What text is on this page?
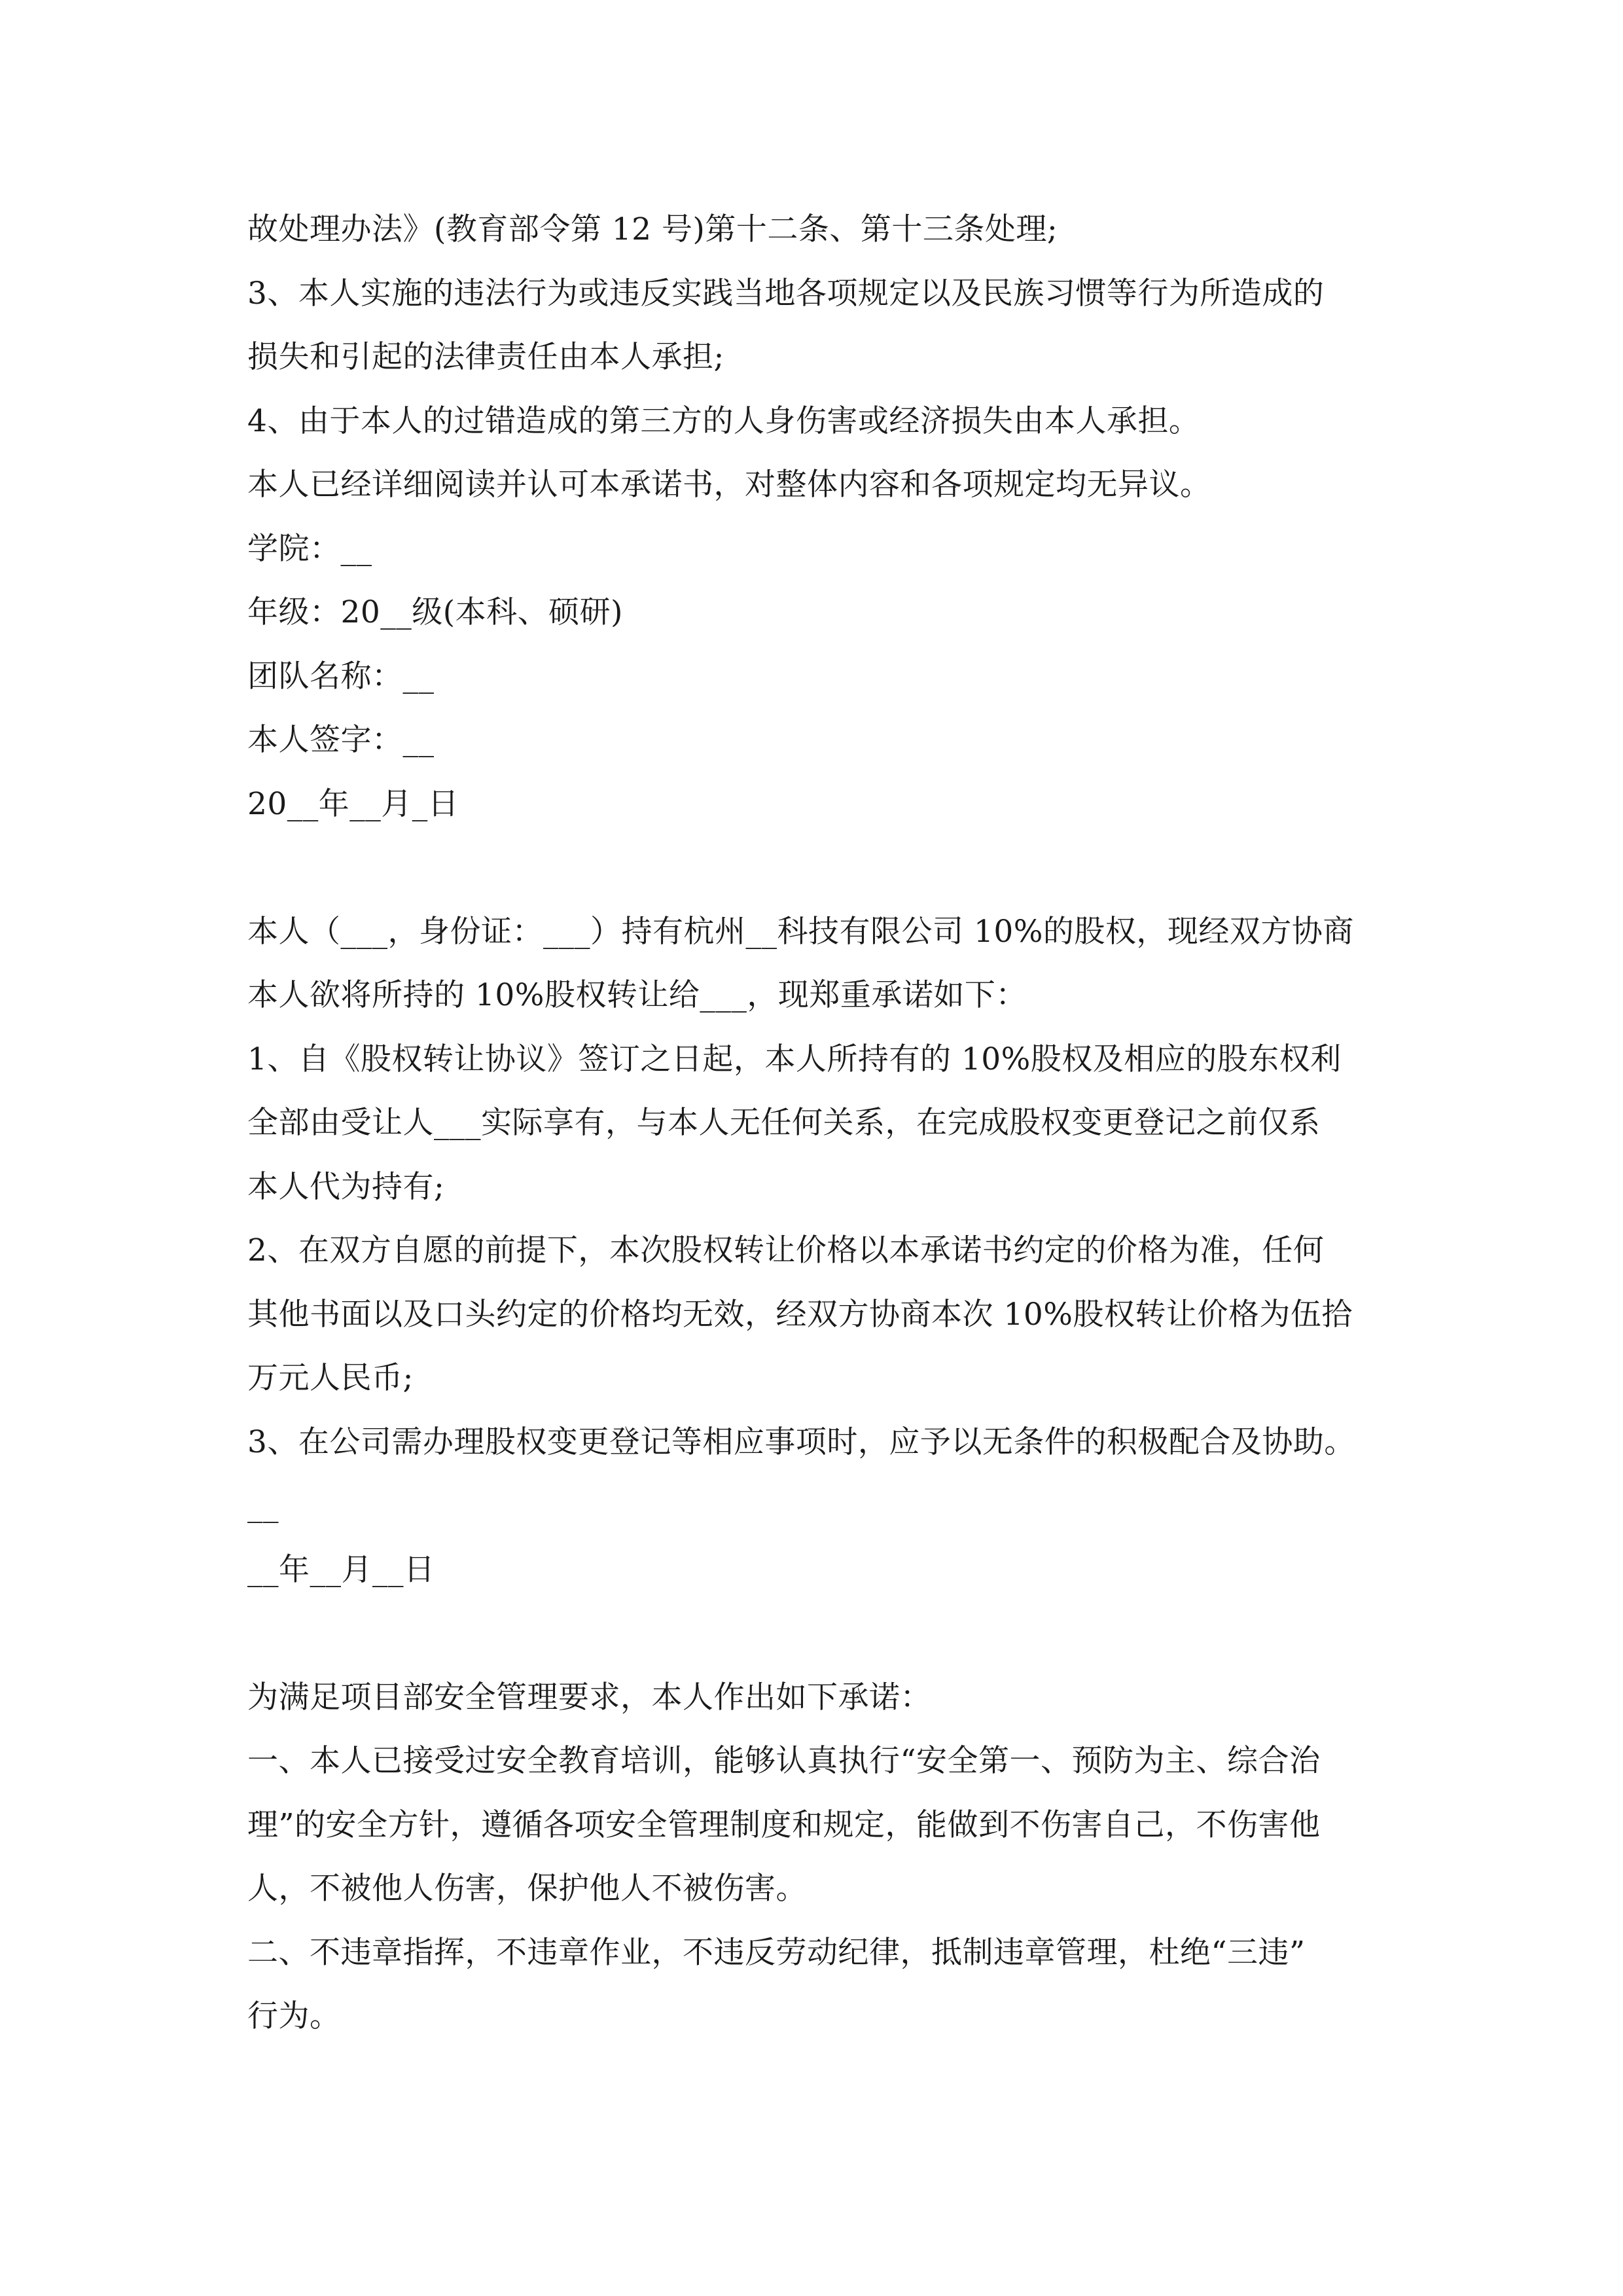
故处理办法》(教育部令第 12 号)第十二条、第十三条处理;
3、本人实施的违法行为或违反实践当地各项规定以及民族习惯等行为所造成的
损失和引起的法律责任由本人承担;
4、由于本人的过错造成的第三方的人身伤害或经济损失由本人承担。
本人已经详细阅读并认可本承诺书，对整体内容和各项规定均无异议。
学院：__
年级：20__级(本科、硕研)
团队名称：__
本人签字：__
20__年__月_日
本人（___，身份证：___）持有杭州__科技有限公司 10%的股权，现经双方协商
本人欲将所持的 10%股权转让给___，现郑重承诺如下：
1、自《股权转让协议》签订之日起，本人所持有的 10%股权及相应的股东权利
全部由受让人___实际享有，与本人无任何关系，在完成股权变更登记之前仅系
本人代为持有;
2、在双方自愿的前提下，本次股权转让价格以本承诺书约定的价格为准，任何
其他书面以及口头约定的价格均无效，经双方协商本次 10%股权转让价格为伍拾
万元人民币;
3、在公司需办理股权变更登记等相应事项时，应予以无条件的积极配合及协助。
__
__年__月__日
为满足项目部安全管理要求，本人作出如下承诺：
一、本人已接受过安全教育培训，能够认真执行“安全第一、预防为主、综合治
理”的安全方针，遵循各项安全管理制度和规定，能做到不伤害自己，不伤害他
人，不被他人伤害，保护他人不被伤害。
二、不违章指挥，不违章作业，不违反劳动纪律，抵制违章管理，杜绝“三违”
行为。
